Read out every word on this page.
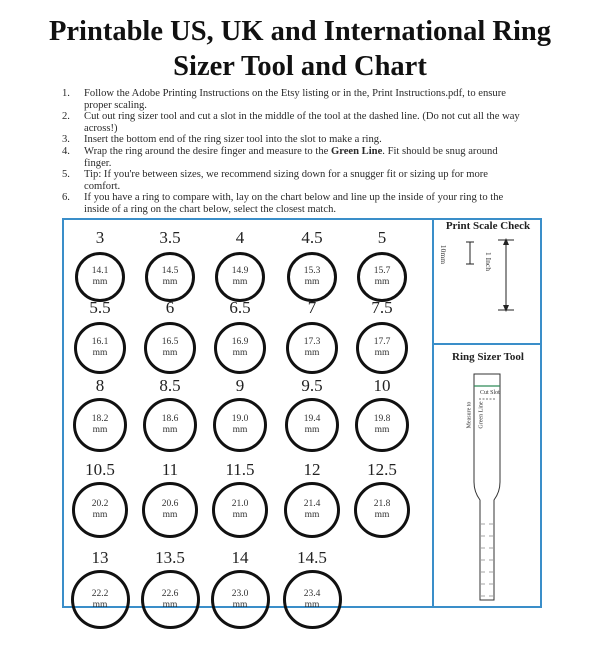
Printable US, UK and International Ring
Sizer Tool and Chart
1. Follow the Adobe Printing Instructions on the Etsy listing or in the, Print Instructions.pdf, to ensure proper scaling.
2. Cut out ring sizer tool and cut a slot in the middle of the tool at the dashed line. (Do not cut all the way across!)
3. Insert the bottom end of the ring sizer tool into the slot to make a ring.
4. Wrap the ring around the desire finger and measure to the Green Line. Fit should be snug around finger.
5. Tip: If you're between sizes, we recommend sizing down for a snugger fit or sizing up for more comfort.
6. If you have a ring to compare with, lay on the chart below and line up the inside of your ring to the inside of a ring on the chart below, select the closest match.
3
14.1
mm
3.5
14.5
mm
4
14.9
mm
4.5
15.3
mm
5
15.7
mm
5.5
16.1
mm
6
16.5
mm
6.5
16.9
mm
7
17.3
mm
7.5
17.7
mm
8
18.2
mm
8.5
18.6
mm
9
19.0
mm
9.5
19.4
mm
10
19.8
mm
10.5
20.2
mm
11
20.6
mm
11.5
21.0
mm
12
21.4
mm
12.5
21.8
mm
13
22.2
mm
13.5
22.6
mm
14
23.0
mm
14.5
23.4
mm
Print Scale Check
10mm	1 Inch
Ring Sizer Tool
Cut Slot
Measure to Green Line
